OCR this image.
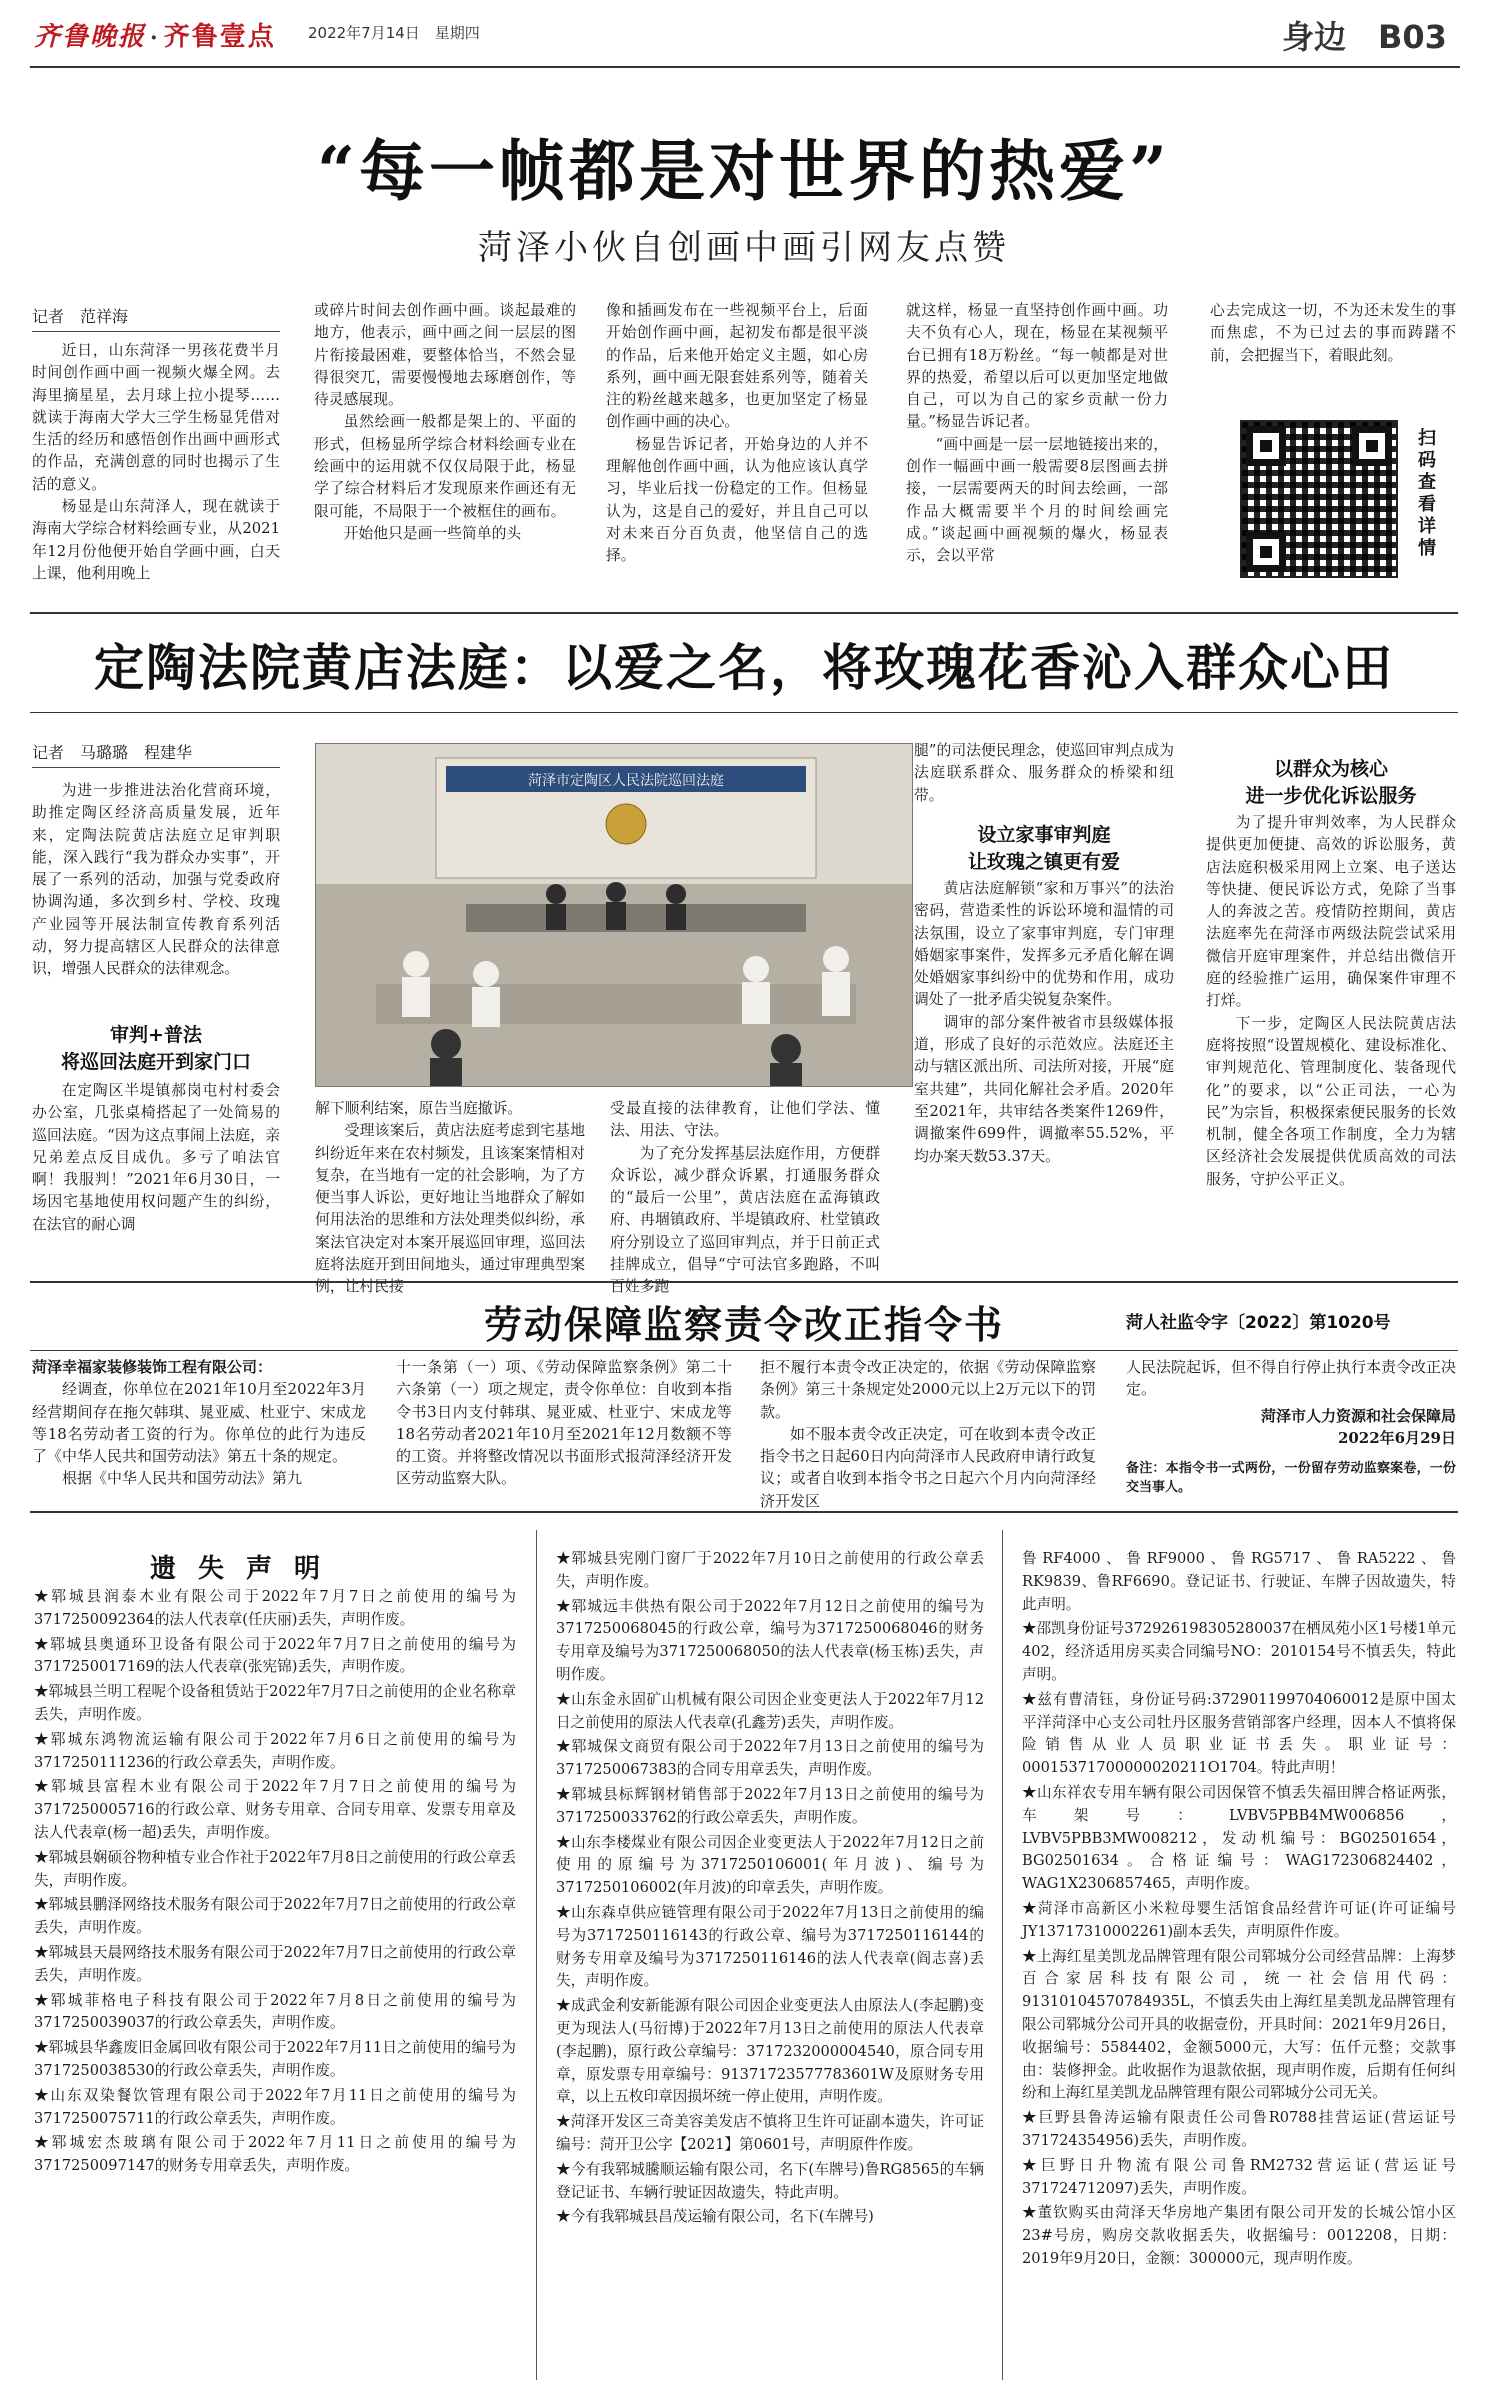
齐鲁晚报 · 齐鲁壹点 2022年7月14日　星期四	身边　B03
“每一帧都是对世界的热爱”
菏泽小伙自创画中画引网友点赞
记者　范祥海

近日，山东菏泽一男孩花费半月时间创作画中画一视频火爆全网。去海里摘星星，去月球上拉小提琴……就读于海南大学大三学生杨显凭借对生活的经历和感悟创作出画中画形式的作品，充满创意的同时也揭示了生活的意义。

杨显是山东菏泽人，现在就读于海南大学综合材料绘画专业，从2021年12月份他便开始自学画中画，白天上课，他利用晚上

或碎片时间去创作画中画。谈起最难的地方，他表示，画中画之间一层层的图片衔接最困难，要整体恰当，不然会显得很突兀，需要慢慢地去琢磨创作，等待灵感展现。

虽然绘画一般都是架上的、平面的形式，但杨显所学综合材料绘画专业在绘画中的运用就不仅仅局限于此，杨显学了综合材料后才发现原来作画还有无限可能，不局限于一个被框住的画布。

开始他只是画一些简单的头

像和插画发布在一些视频平台上，后面开始创作画中画，起初发布都是很平淡的作品，后来他开始定义主题，如心房系列，画中画无限套娃系列等，随着关注的粉丝越来越多，也更加坚定了杨显创作画中画的决心。

杨显告诉记者，开始身边的人并不理解他创作画中画，认为他应该认真学习，毕业后找一份稳定的工作。但杨显认为，这是自己的爱好，并且自己可以对未来百分百负责，他坚信自己的选择。

就这样，杨显一直坚持创作画中画。功夫不负有心人，现在，杨显在某视频平台已拥有18万粉丝。“每一帧都是对世界的热爱，希望以后可以更加坚定地做自己，可以为自己的家乡贡献一份力量。”杨显告诉记者。

“画中画是一层一层地链接出来的，创作一幅画中画一般需要8层图画去拼接，一层需要两天的时间去绘画，一部作品大概需要半个月的时间绘画完成。”谈起画中画视频的爆火，杨显表示，会以平常

心去完成这一切，不为还未发生的事而焦虑，不为已过去的事而踌躇不前，会把握当下，着眼此刻。

扫码查看详情
定陶法院黄店法庭：以爱之名，将玫瑰花香沁入群众心田
记者　马璐璐　程建华

为进一步推进法治化营商环境，助推定陶区经济高质量发展，近年来，定陶法院黄店法庭立足审判职能，深入践行“我为群众办实事”，开展了一系列的活动，加强与党委政府协调沟通，多次到乡村、学校、玫瑰产业园等开展法制宣传教育系列活动，努力提高辖区人民群众的法律意识，增强人民群众的法律观念。

审判+普法
将巡回法庭开到家门口

在定陶区半堤镇郝岗屯村村委会办公室，几张桌椅搭起了一处简易的巡回法庭。“因为这点事闹上法庭，亲兄弟差点反目成仇。多亏了咱法官啊！我服判！”2021年6月30日，一场因宅基地使用权问题产生的纠纷，在法官的耐心调

菏泽市定陶区人民法院巡回法庭

解下顺利结案，原告当庭撤诉。

受理该案后，黄店法庭考虑到宅基地纠纷近年来在农村频发，且该案案情相对复杂，在当地有一定的社会影响，为了方便当事人诉讼，更好地让当地群众了解如何用法治的思维和方法处理类似纠纷，承案法官决定对本案开展巡回审理，巡回法庭将法庭开到田间地头，通过审理典型案例，让村民接

受最直接的法律教育，让他们学法、懂法、用法、守法。

为了充分发挥基层法庭作用，方便群众诉讼，减少群众诉累，打通服务群众的“最后一公里”，黄店法庭在孟海镇政府、冉堌镇政府、半堤镇政府、杜堂镇政府分别设立了巡回审判点，并于日前正式挂牌成立，倡导“宁可法官多跑路，不叫百姓多跑

腿”的司法便民理念，使巡回审判点成为法庭联系群众、服务群众的桥梁和纽带。

设立家事审判庭
让玫瑰之镇更有爱

黄店法庭解锁“家和万事兴”的法治密码，营造柔性的诉讼环境和温情的司法氛围，设立了家事审判庭，专门审理婚姻家事案件，发挥多元矛盾化解在调处婚姻家事纠纷中的优势和作用，成功调处了一批矛盾尖锐复杂案件。

调审的部分案件被省市县级媒体报道，形成了良好的示范效应。法庭还主动与辖区派出所、司法所对接，开展“庭室共建”，共同化解社会矛盾。2020年至2021年，共审结各类案件1269件，调撤案件699件，调撤率55.52%，平均办案天数53.37天。

以群众为核心
进一步优化诉讼服务

为了提升审判效率，为人民群众提供更加便捷、高效的诉讼服务，黄店法庭积极采用网上立案、电子送达等快捷、便民诉讼方式，免除了当事人的奔波之苦。疫情防控期间，黄店法庭率先在菏泽市两级法院尝试采用微信开庭审理案件，并总结出微信开庭的经验推广运用，确保案件审理不打烊。

下一步，定陶区人民法院黄店法庭将按照“设置规模化、建设标准化、审判规范化、管理制度化、装备现代化”的要求，以“公正司法，一心为民”为宗旨，积极探索便民服务的长效机制，健全各项工作制度，全力为辖区经济社会发展提供优质高效的司法服务，守护公平正义。

劳动保障监察责令改正指令书	菏人社监令字〔2022〕第1020号

菏泽幸福家装修装饰工程有限公司：

经调查，你单位在2021年10月至2022年3月经营期间存在拖欠韩琪、晁亚威、杜亚宁、宋成龙等18名劳动者工资的行为。你单位的此行为违反了《中华人民共和国劳动法》第五十条的规定。

根据《中华人民共和国劳动法》第九

十一条第（一）项、《劳动保障监察条例》第二十六条第（一）项之规定，责令你单位：自收到本指令书3日内支付韩琪、晁亚威、杜亚宁、宋成龙等18名劳动者2021年10月至2021年12月数额不等的工资。并将整改情况以书面形式报菏泽经济开发区劳动监察大队。

拒不履行本责令改正决定的，依据《劳动保障监察条例》第三十条规定处2000元以上2万元以下的罚款。

如不服本责令改正决定，可在收到本责令改正指令书之日起60日内向菏泽市人民政府申请行政复议；或者自收到本指令书之日起六个月内向菏泽经济开发区

人民法院起诉，但不得自行停止执行本责令改正决定。

菏泽市人力资源和社会保障局

2022年6月29日

备注：本指令书一式两份，一份留存劳动监察案卷，一份交当事人。

遗失声明

★郓城县润泰木业有限公司于2022年7月7日之前使用的编号为3717250092364的法人代表章(任庆丽)丢失，声明作废。

★郓城县奥通环卫设备有限公司于2022年7月7日之前使用的编号为3717250017169的法人代表章(张宪锦)丢失，声明作废。

★郓城县兰明工程呢个设备租赁站于2022年7月7日之前使用的企业名称章丢失，声明作废。

★郓城东鸿物流运输有限公司于2022年7月6日之前使用的编号为3717250111236的行政公章丢失，声明作废。

★郓城县富程木业有限公司于2022年7月7日之前使用的编号为3717250005716的行政公章、财务专用章、合同专用章、发票专用章及法人代表章(杨一超)丢失，声明作废。

★郓城县娴硕谷物种植专业合作社于2022年7月8日之前使用的行政公章丢失，声明作废。

★郓城县鹏泽网络技术服务有限公司于2022年7月7日之前使用的行政公章丢失，声明作废。

★郓城县天晨网络技术服务有限公司于2022年7月7日之前使用的行政公章丢失，声明作废。

★郓城菲格电子科技有限公司于2022年7月8日之前使用的编号为3717250039037的行政公章丢失，声明作废。

★郓城县华鑫废旧金属回收有限公司于2022年7月11日之前使用的编号为3717250038530的行政公章丢失，声明作废。

★山东双染餐饮管理有限公司于2022年7月11日之前使用的编号为3717250075711的行政公章丢失，声明作废。

★郓城宏杰玻璃有限公司于2022年7月11日之前使用的编号为3717250097147的财务专用章丢失，声明作废。

★郓城县宪刚门窗厂于2022年7月10日之前使用的行政公章丢失，声明作废。

★郓城远丰供热有限公司于2022年7月12日之前使用的编号为3717250068045的行政公章，编号为3717250068046的财务专用章及编号为3717250068050的法人代表章(杨玉栋)丢失，声明作废。

★山东金永固矿山机械有限公司因企业变更法人于2022年7月12日之前使用的原法人代表章(孔鑫芳)丢失，声明作废。

★郓城保文商贸有限公司于2022年7月13日之前使用的编号为3717250067383的合同专用章丢失，声明作废。

★郓城县标辉钢材销售部于2022年7月13日之前使用的编号为3717250033762的行政公章丢失，声明作废。

★山东李楼煤业有限公司因企业变更法人于2022年7月12日之前使用的原编号为3717250106001(年月波)、编号为3717250106002(年月波)的印章丢失，声明作废。

★山东森卓供应链管理有限公司于2022年7月13日之前使用的编号为3717250116143的行政公章、编号为3717250116144的财务专用章及编号为3717250116146的法人代表章(阎志喜)丢失，声明作废。

★成武金利安新能源有限公司因企业变更法人由原法人(李起鹏)变更为现法人(马衍博)于2022年7月13日之前使用的原法人代表章(李起鹏)，原行政公章编号：3717232000004540，原合同专用章，原发票专用章编号：91371723577783601W及原财务专用章，以上五枚印章因损坏统一停止使用，声明作废。

★菏泽开发区三奇美容美发店不慎将卫生许可证副本遗失，许可证编号：菏开卫公字【2021】第0601号，声明原件作废。

★今有我郓城騰顺运输有限公司，名下(车牌号)鲁RG8565的车辆登记证书、车辆行驶证因故遗失，特此声明。

★今有我郓城县昌茂运输有限公司，名下(车牌号)

鲁RF4000、鲁RF9000、鲁RG5717、鲁RA5222、鲁RK9839、鲁RF6690。登记证书、行驶证、车牌子因故遗失，特此声明。

★邵凯身份证号372926198305280037在栖凤苑小区1号楼1单元402，经济适用房买卖合同编号NO：2010154号不慎丢失，特此声明。

★兹有曹清钰，身份证号码:372901199704060012是原中国太平洋菏泽中心支公司牡丹区服务营销部客户经理，因本人不慎将保险销售从业人员职业证书丢失。职业证号：00015371700000020211O1704。特此声明！

★山东祥农专用车辆有限公司因保管不慎丢失福田牌合格证两张，车架号：LVBV5PBB4MW006856，LVBV5PBB3MW008212，发动机编号：BG02501654，BG02501634。合格证编号：WAG172306824402，WAG1X2306857465，声明作废。

★菏泽市高新区小米粒母婴生活馆食品经营许可证(许可证编号JY13717310002261)副本丢失，声明原件作废。

★上海红星美凯龙品牌管理有限公司郓城分公司经营品牌：上海梦百合家居科技有限公司，统一社会信用代码：91310104570784935L，不慎丢失由上海红星美凯龙品牌管理有限公司郓城分公司开具的收据壹份，开具时间：2021年9月26日，收据编号：5584402，金额5000元，大写：伍仟元整；交款事由：装修押金。此收据作为退款依据，现声明作废，后期有任何纠纷和上海红星美凯龙品牌管理有限公司郓城分公司无关。

★巨野县鲁涛运输有限责任公司鲁R0788挂营运证(营运证号371724354956)丢失，声明作废。

★巨野日升物流有限公司鲁RM2732营运证(营运证号371724712097)丢失，声明作废。

★董钦购买由菏泽天华房地产集团有限公司开发的长城公馆小区23#号房，购房交款收据丢失，收据编号：0012208，日期：2019年9月20日，金额：300000元，现声明作废。
